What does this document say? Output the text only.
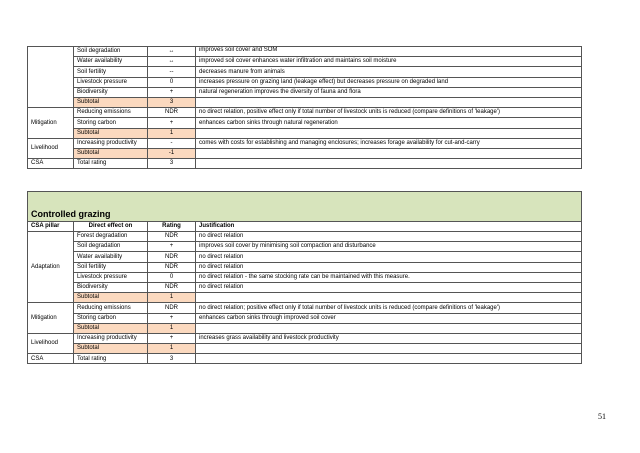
	Soil degradation	↔	improves soil cover and SOM
	Water availability	↔	improved soil cover enhances water infiltration and maintains soil moisture
	Soil fertility	--	decreases manure from animals
	Livestock pressure	0	increases pressure on grazing land (leakage effect) but decreases pressure on degraded land
	Biodiversity	+	natural regeneration improves the diversity of fauna and flora
	Subtotal	3	
Mitigation	Reducing emissions	NDR	no direct relation, positive effect only if total number of livestock units is reduced (compare definitions of 'leakage')
	Storing carbon	+	enhances carbon sinks through natural regeneration
	Subtotal	1	
Livelihood	Increasing productivity	-	comes with costs for establishing and managing enclosures; increases forage availability for cut-and-carry
	Subtotal	-1	
CSA	Total rating	3	
Controlled grazing			
CSA pillar	Direct effect on	Rating	Justification
Adaptation	Forest degradation	NDR	no direct relation
	Soil degradation	+	improves soil cover by minimising soil compaction and disturbance
	Water availability	NDR	no direct relation
	Soil fertility	NDR	no direct relation
	Livestock pressure	0	no direct relation - the same stocking rate can be maintained with this measure.
	Biodiversity	NDR	no direct relation
	Subtotal	1	
Mitigation	Reducing emissions	NDR	no direct relation; positive effect only if total number of livestock units is reduced (compare definitions of 'leakage')
	Storing carbon	+	enhances carbon sinks through improved soil cover
	Subtotal	1	
Livelihood	Increasing productivity	+	increases grass availability and livestock productivity
	Subtotal	1	
CSA	Total rating	3	
51
